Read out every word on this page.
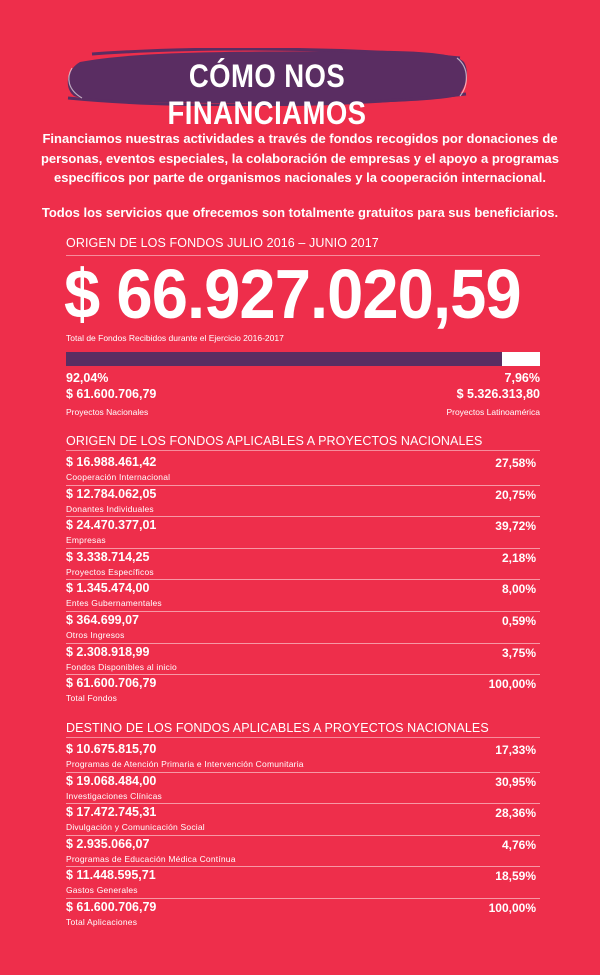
CÓMO NOS FINANCIAMOS
Financiamos nuestras actividades a través de fondos recogidos por donaciones de personas, eventos especiales, la colaboración de empresas y el apoyo a programas específicos por parte de organismos nacionales y la cooperación internacional.
Todos los servicios que ofrecemos son totalmente gratuitos para sus beneficiarios.
ORIGEN DE LOS FONDOS JULIO 2016 – JUNIO 2017
$ 66.927.020,59
Total de Fondos Recibidos durante el Ejercicio 2016-2017
92,04%
$ 61.600.706,79
Proyectos Nacionales
7,96%
$ 5.326.313,80
Proyectos Latinoamérica
ORIGEN DE LOS FONDOS APLICABLES A PROYECTOS NACIONALES
$ 16.988.461,42
Cooperación Internacional
27,58%
$ 12.784.062,05
Donantes Individuales
20,75%
$ 24.470.377,01
Empresas
39,72%
$ 3.338.714,25
Proyectos Específicos
2,18%
$ 1.345.474,00
Entes Gubernamentales
8,00%
$ 364.699,07
Otros Ingresos
0,59%
$ 2.308.918,99
Fondos Disponibles al inicio
3,75%
$ 61.600.706,79
Total Fondos
100,00%
DESTINO DE LOS FONDOS APLICABLES A PROYECTOS NACIONALES
$ 10.675.815,70
Programas de Atención Primaria e Intervención Comunitaria
17,33%
$ 19.068.484,00
Investigaciones Clínicas
30,95%
$ 17.472.745,31
Divulgación y Comunicación Social
28,36%
$ 2.935.066,07
Programas de Educación Médica Contínua
4,76%
$ 11.448.595,71
Gastos Generales
18,59%
$ 61.600.706,79
Total Aplicaciones
100,00%
